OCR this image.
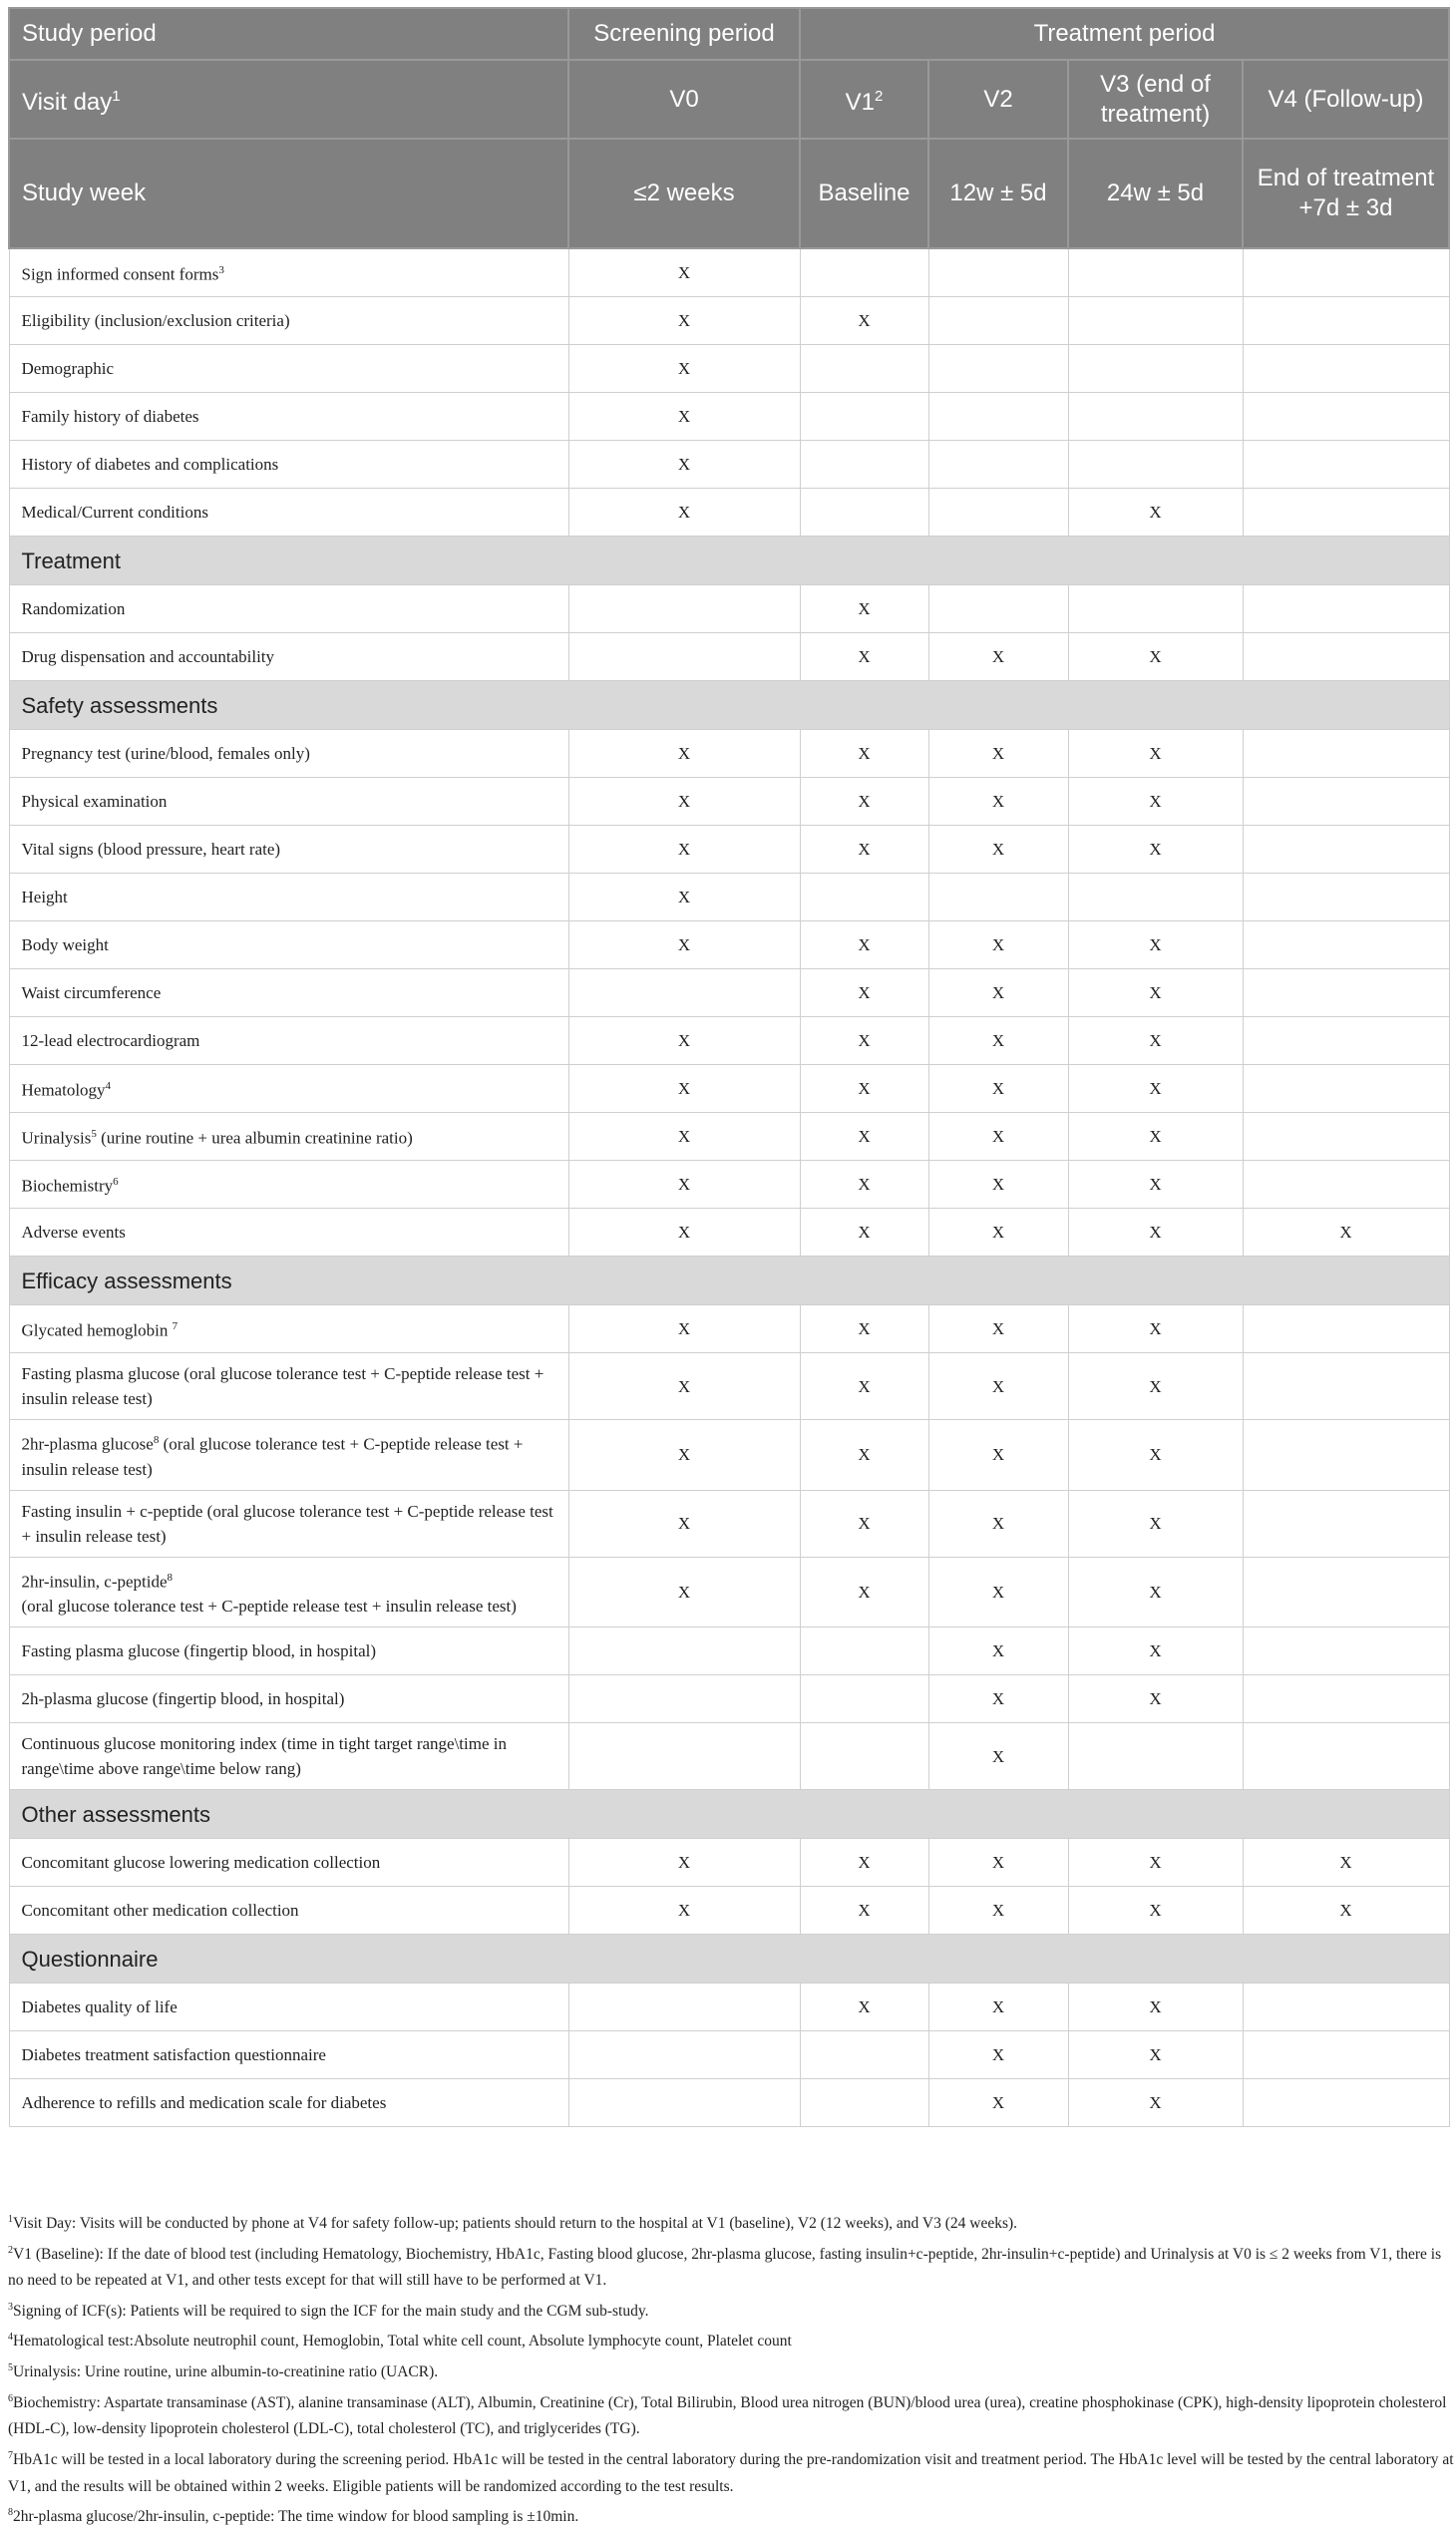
Study period	Screening period	Treatment period			
Visit day$^1$	V0	$V1^2$	V2	V3 (end of treatment)	V4 (Follow-up)
Study week	≤2 weeks	Baseline	12w ± 5d	24w ± 5d	End of treatment +7d ± 3d
Sign informed consent forms$^3$	X				
Eligibility (inclusion/exclusion criteria)	X	X			
Demographic	X				
Family history of diabetes	X				
History of diabetes and complications	X				
Medical/Current conditions	X			X	
Treatment					
Randomization		X			
Drug dispensation and accountability		X	X	X	
Safety assessments					
Pregnancy test (urine/blood, females only)	X	X	X	X	
Physical examination	X	X	X	X	
Vital signs (blood pressure, heart rate)	X	X	X	X	
Height	X				
Body weight	X	X	X	X	
Waist circumference		X	X	X	
12-lead electrocardiogram	X	X	X	X	
Hematology$^4$	X	X	X	X	
Urinalysis$^5$ (urine routine + urea albumin creatinine ratio)	X	X	X	X	
Biochemistry$^6$	X	X	X	X	
Adverse events	X	X	X	X	X
Efficacy assessments					
Glycated hemoglobin $^7$	X	X	X	X	
Fasting plasma glucose (oral glucose tolerance test + C-peptide release test + insulin release test)	X	X	X	X	
2hr-plasma glucose$^8$ (oral glucose tolerance test + C-peptide release test + insulin release test)	X	X	X	X	
Fasting insulin + c-peptide (oral glucose tolerance test + C-peptide release test + insulin release test)	X	X	X	X	
2hr-insulin, c-peptide$^8$
(oral glucose tolerance test + C-peptide release test + insulin release test)	X	X	X	X	
Fasting plasma glucose (fingertip blood, in hospital)			X	X	
2h-plasma glucose (fingertip blood, in hospital)			X	X	
Continuous glucose monitoring index (time in tight target range\time in range\time above range\time below rang)			X		
Other assessments					
Concomitant glucose lowering medication collection	X	X	X	X	X
Concomitant other medication collection	X	X	X	X	X
Questionnaire					
Diabetes quality of life		X	X	X	
Diabetes treatment satisfaction questionnaire			X	X	
Adherence to refills and medication scale for diabetes			X	X	

$^1$Visit Day: Visits will be conducted by phone at V4 for safety follow-up; patients should return to the hospital at V1 (baseline), V2 (12 weeks), and V3 (24 weeks).

$^2$V1 (Baseline): If the date of blood test (including Hematology, Biochemistry, HbA1c, Fasting blood glucose, 2hr-plasma glucose, fasting insulin+c-peptide, 2hr-insulin+c-peptide) and Urinalysis at V0 is ≤ 2 weeks from V1, there is no need to be repeated at V1, and other tests except for that will still have to be performed at V1.

$^3$Signing of ICF(s): Patients will be required to sign the ICF for the main study and the CGM sub-study.

$^4$Hematological test:Absolute neutrophil count, Hemoglobin, Total white cell count, Absolute lymphocyte count, Platelet count

$^5$Urinalysis: Urine routine, urine albumin-to-creatinine ratio (UACR).

$^6$Biochemistry: Aspartate transaminase (AST), alanine transaminase (ALT), Albumin, Creatinine (Cr), Total Bilirubin, Blood urea nitrogen (BUN)/blood urea (urea), creatine phosphokinase (CPK), high-density lipoprotein cholesterol (HDL-C), low-density lipoprotein cholesterol (LDL-C), total cholesterol (TC), and triglycerides (TG).

$^7$HbA1c will be tested in a local laboratory during the screening period. HbA1c will be tested in the central laboratory during the pre-randomization visit and treatment period. The HbA1c level will be tested by the central laboratory at V1, and the results will be obtained within 2 weeks. Eligible patients will be randomized according to the test results.

$^8$2hr-plasma glucose/2hr-insulin, c-peptide: The time window for blood sampling is ±10min.
